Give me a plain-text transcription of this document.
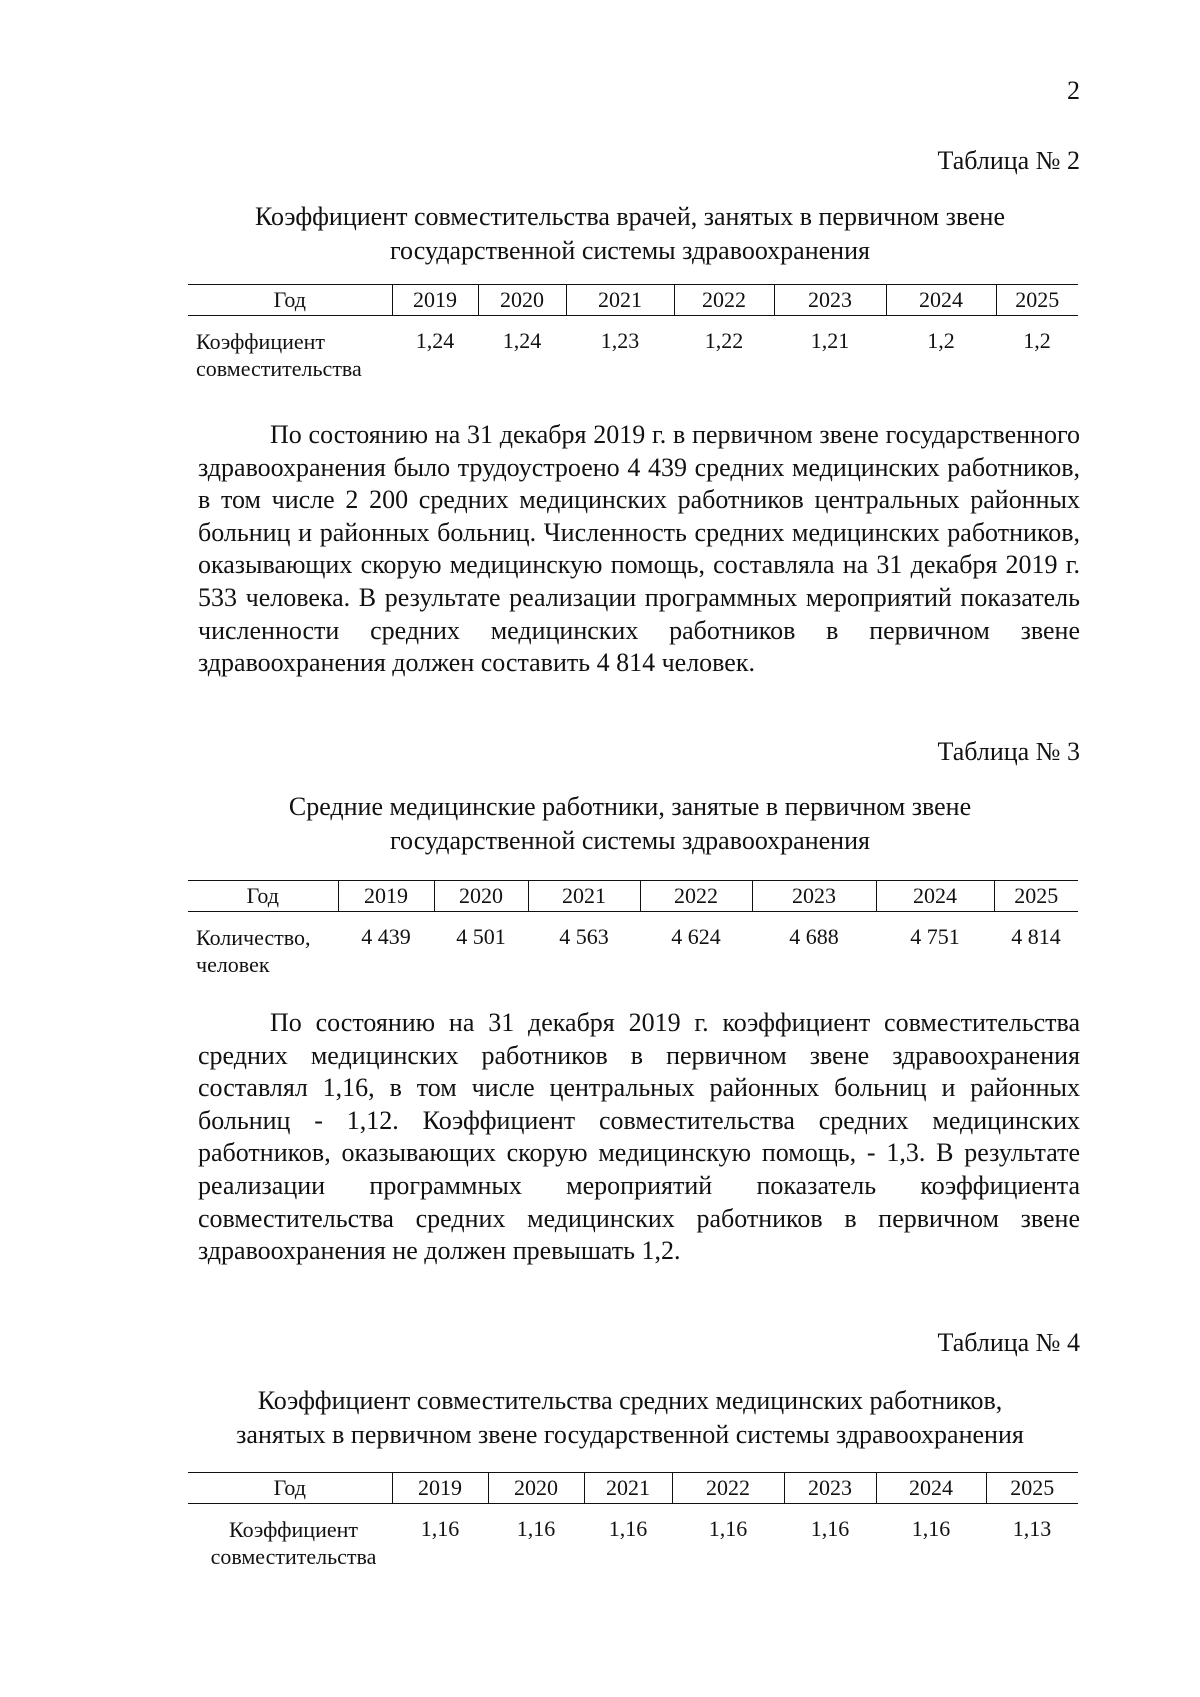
2
Таблица № 2
Коэффициент совместительства врачей, занятых в первичном звене
государственной системы здравоохранения
Год	2019	2020	2021	2022	2023	2024	2025

Коэффициент
совместительства	1,24	1,24	1,23	1,22	1,21	1,2	1,2

По состоянию на 31 декабря 2019 г. в первичном звене государственного здравоохранения было трудоустроено 4 439 средних медицинских работников, в том числе 2 200 средних медицинских работников центральных районных больниц и районных больниц. Численность средних медицинских работников, оказывающих скорую медицинскую помощь, составляла на 31 декабря 2019 г. 533 человека. В результате реализации программных мероприятий показатель численности средних медицинских работников в первичном звене здравоохранения должен составить 4 814 человек.

Таблица № 3
Средние медицинские работники, занятые в первичном звене
государственной системы здравоохранения
Год	2019	2020	2021	2022	2023	2024	2025

Количество,
человек	4 439	4 501	4 563	4 624	4 688	4 751	4 814

По состоянию на 31 декабря 2019 г. коэффициент совместительства средних медицинских работников в первичном звене здравоохранения составлял 1,16, в том числе центральных районных больниц и районных больниц - 1,12. Коэффициент совместительства средних медицинских работников, оказывающих скорую медицинскую помощь, - 1,3. В результате реализации программных мероприятий показатель коэффициента совместительства средних медицинских работников в первичном звене здравоохранения не должен превышать 1,2.

Таблица № 4
Коэффициент совместительства средних медицинских работников,
занятых в первичном звене государственной системы здравоохранения
Год	2019	2020	2021	2022	2023	2024	2025

Коэффициент
совместительства	1,16	1,16	1,16	1,16	1,16	1,16	1,13
